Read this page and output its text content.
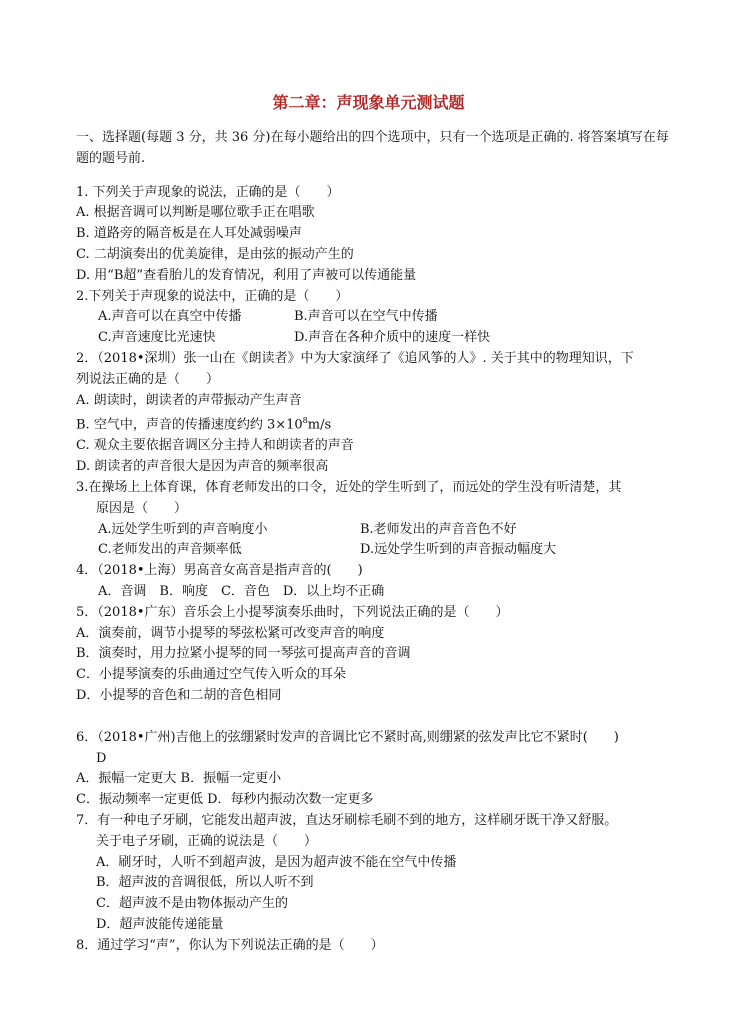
第二章：声现象单元测试题
一、选择题(每题 3 分，共 36 分)在每小题给出的四个选项中，只有一个选项是正确的. 将答案填写在每题的题号前.
1. 下列关于声现象的说法，正确的是（　　）
A. 根据音调可以判断是哪位歌手正在唱歌
B. 道路旁的隔音板是在人耳处减弱噪声
C. 二胡演奏出的优美旋律，是由弦的振动产生的
D. 用“B超”查看胎儿的发育情况，利用了声被可以传通能量
2.下列关于声现象的说法中，正确的是（　　）
A.声音可以在真空中传播	B.声音可以在空气中传播
C.声音速度比光速快	D.声音在各种介质中的速度一样快
2．（2018•深圳）张一山在《朗读者》中为大家演绎了《追风筝的人》. 关于其中的物理知识，下
列说法正确的是（　　）
A. 朗读时，朗读者的声带振动产生声音
B. 空气中，声音的传播速度约约 $3\times 10^8m/s$
C. 观众主要依据音调区分主持人和朗读者的声音
D. 朗读者的声音很大是因为声音的频率很高
3.在操场上上体育课，体育老师发出的口令，近处的学生听到了，而远处的学生没有听清楚，其
原因是（　　）
A.远处学生听到的声音响度小	B.老师发出的声音音色不好
C.老师发出的声音频率低	D.远处学生听到的声音振动幅度大
4．（2018•上海）男高音女高音是指声音的(　　)
A．音调　B．响度　C．音色　D．以上均不正确
5．（2018•广东）音乐会上小提琴演奏乐曲时，下列说法正确的是（　　）
A．演奏前，调节小提琴的琴弦松紧可改变声音的响度
B．演奏时，用力拉紧小提琴的同一琴弦可提高声音的音调
C．小提琴演奏的乐曲通过空气传入听众的耳朵
D．小提琴的音色和二胡的音色相同
6．（2018•广州)吉他上的弦绷紧时发声的音调比它不紧时高,则绷紧的弦发声比它不紧时(　　)
D
A．振幅一定更大 B．振幅一定更小
C．振动频率一定更低 D．每秒内振动次数一定更多
7．有一种电子牙刷，它能发出超声波，直达牙刷棕毛刷不到的地方，这样刷牙既干净又舒服。
关于电子牙刷，正确的说法是（　　）
A．刷牙时，人听不到超声波，是因为超声波不能在空气中传播
B．超声波的音调很低，所以人听不到
C．超声波不是由物体振动产生的
D．超声波能传递能量
8．通过学习“声”，你认为下列说法正确的是（　　）
